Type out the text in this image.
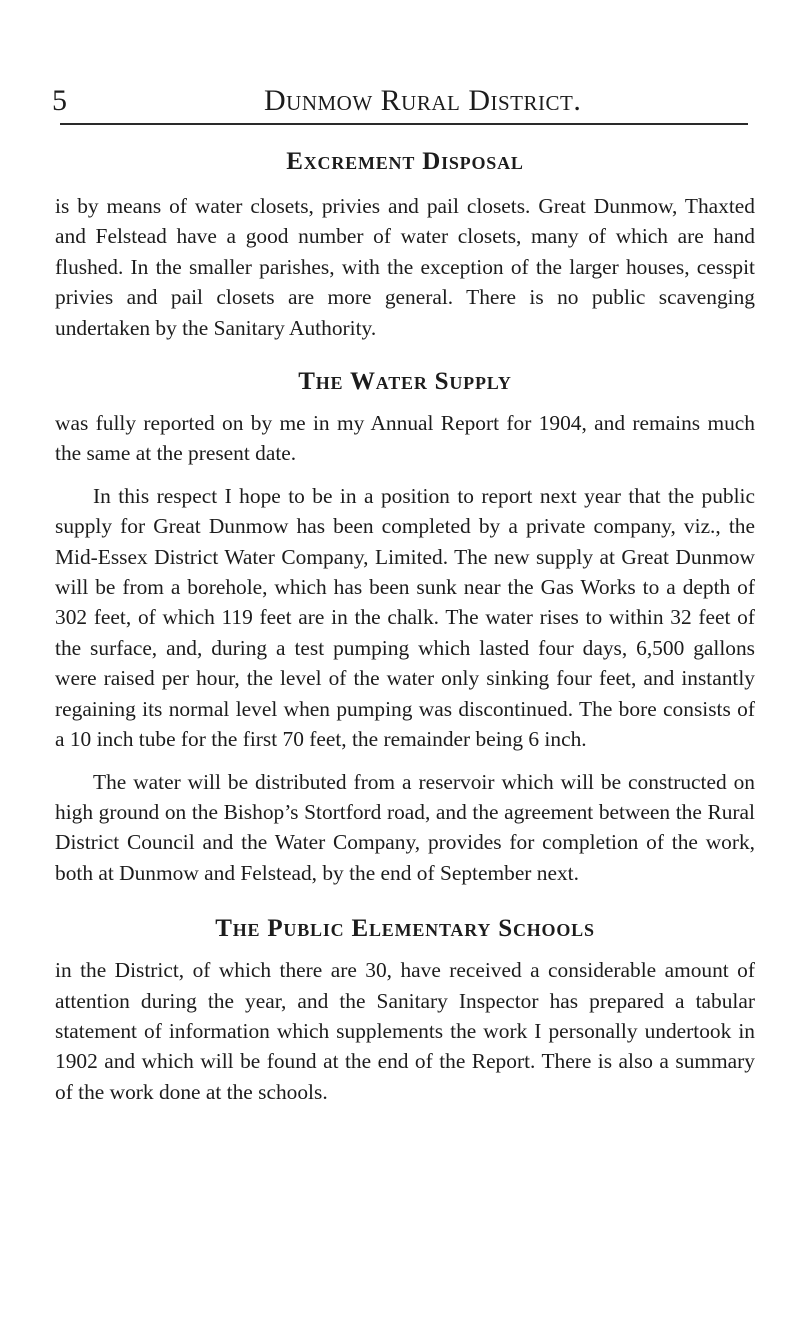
5	Dunmow Rural District.
Excrement Disposal

is by means of water closets, privies and pail closets. Great Dunmow, Thaxted and Felstead have a good number of water closets, many of which are hand flushed. In the smaller parishes, with the exception of the larger houses, cesspit privies and pail closets are more general. There is no public scavenging undertaken by the Sanitary Authority.

The Water Supply

was fully reported on by me in my Annual Report for 1904, and remains much the same at the present date.

In this respect I hope to be in a position to report next year that the public supply for Great Dunmow has been completed by a private company, viz., the Mid-Essex District Water Company, Limited. The new supply at Great Dunmow will be from a borehole, which has been sunk near the Gas Works to a depth of 302 feet, of which 119 feet are in the chalk. The water rises to within 32 feet of the surface, and, during a test pumping which lasted four days, 6,500 gallons were raised per hour, the level of the water only sinking four feet, and instantly regaining its normal level when pumping was discontinued. The bore consists of a 10 inch tube for the first 70 feet, the remainder being 6 inch.

The water will be distributed from a reservoir which will be constructed on high ground on the Bishop’s Stortford road, and the agreement between the Rural District Council and the Water Company, provides for completion of the work, both at Dunmow and Felstead, by the end of September next.

The Public Elementary Schools

in the District, of which there are 30, have received a considerable amount of attention during the year, and the Sanitary Inspector has prepared a tabular statement of information which supplements the work I personally undertook in 1902 and which will be found at the end of the Report. There is also a summary of the work done at the schools.
